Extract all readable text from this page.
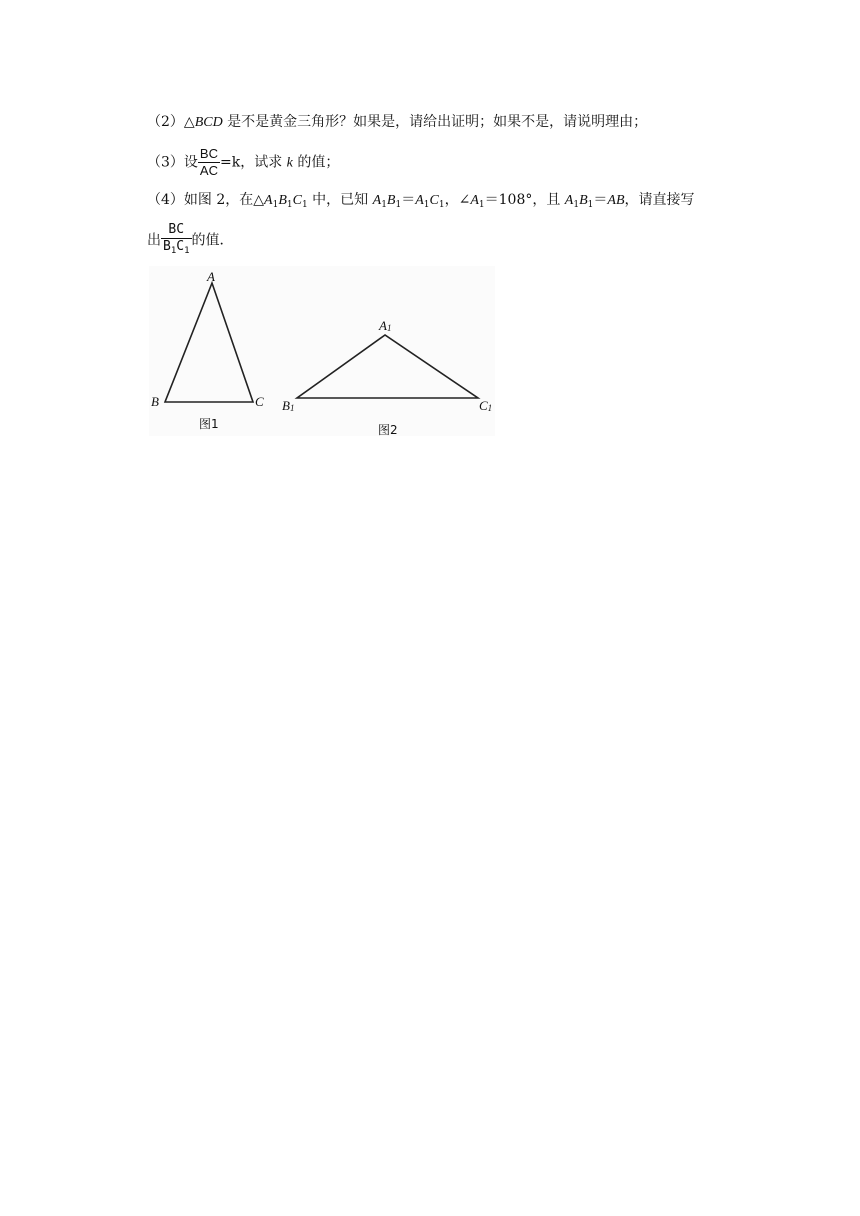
（2）△BCD 是不是黄金三角形？如果是，请给出证明；如果不是，请说明理由；
（3）设 $\frac{BC}{AC} =k$，试求 k 的值；
（4）如图 2，在$\triangle A_1B_1C_1$ 中，已知 $A_1B_1=A_1C_1$，$\angle A_1=108^\circ$，且 $A_1B_1=AB$，请直接写
出 $\frac{BC}{B_1C_1}$ 的值．
A
B	C
图1
A1
B1	C1
图2
